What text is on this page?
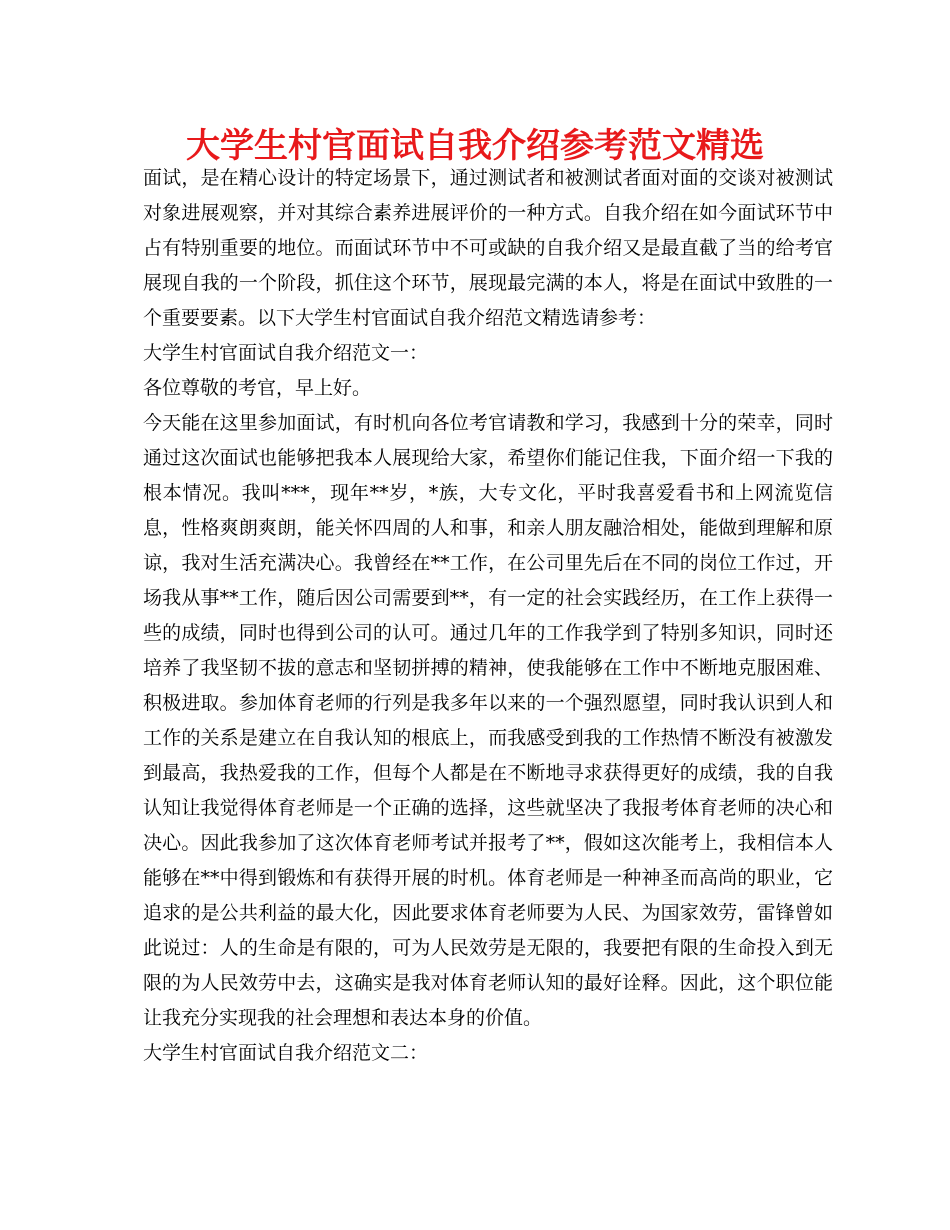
大学生村官面试自我介绍参考范文精选

面试，是在精心设计的特定场景下，通过测试者和被测试者面对面的交谈对被测试对象进展观察，并对其综合素养进展评价的一种方式。自我介绍在如今面试环节中占有特别重要的地位。而面试环节中不可或缺的自我介绍又是最直截了当的给考官展现自我的一个阶段，抓住这个环节，展现最完满的本人，将是在面试中致胜的一个重要要素。以下大学生村官面试自我介绍范文精选请参考：

大学生村官面试自我介绍范文一：

各位尊敬的考官，早上好。

今天能在这里参加面试，有时机向各位考官请教和学习，我感到十分的荣幸，同时通过这次面试也能够把我本人展现给大家，希望你们能记住我，下面介绍一下我的根本情况。我叫***，现年**岁，*族，大专文化，平时我喜爱看书和上网流览信息，性格爽朗爽朗，能关怀四周的人和事，和亲人朋友融洽相处，能做到理解和原谅，我对生活充满决心。我曾经在**工作，在公司里先后在不同的岗位工作过，开场我从事**工作，随后因公司需要到**，有一定的社会实践经历，在工作上获得一些的成绩，同时也得到公司的认可。通过几年的工作我学到了特别多知识，同时还培养了我坚韧不拔的意志和坚韧拼搏的精神，使我能够在工作中不断地克服困难、积极进取。参加体育老师的行列是我多年以来的一个强烈愿望，同时我认识到人和工作的关系是建立在自我认知的根底上，而我感受到我的工作热情不断没有被激发到最高，我热爱我的工作，但每个人都是在不断地寻求获得更好的成绩，我的自我认知让我觉得体育老师是一个正确的选择，这些就坚决了我报考体育老师的决心和决心。因此我参加了这次体育老师考试并报考了**，假如这次能考上，我相信本人能够在**中得到锻炼和有获得开展的时机。体育老师是一种神圣而高尚的职业，它追求的是公共利益的最大化，因此要求体育老师要为人民、为国家效劳，雷锋曾如此说过：人的生命是有限的，可为人民效劳是无限的，我要把有限的生命投入到无限的为人民效劳中去，这确实是我对体育老师认知的最好诠释。因此，这个职位能让我充分实现我的社会理想和表达本身的价值。

大学生村官面试自我介绍范文二：
